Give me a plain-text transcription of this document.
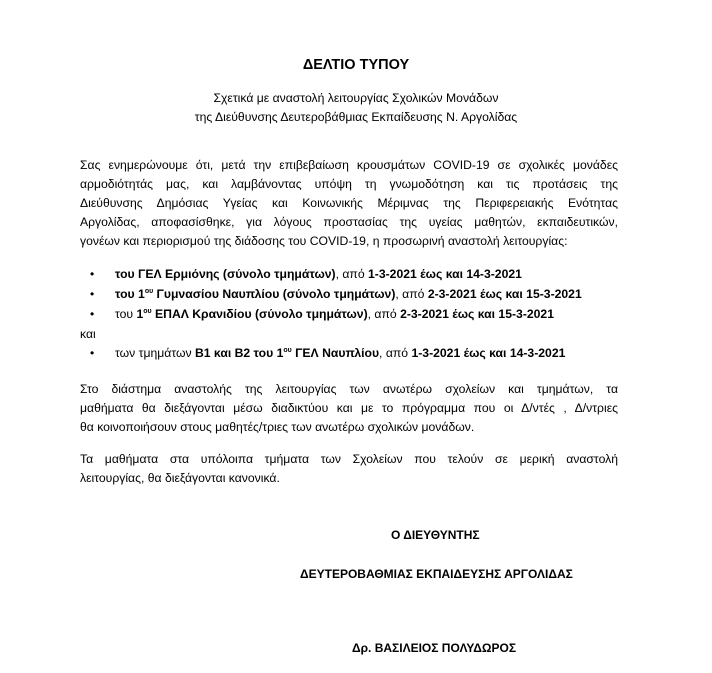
ΔΕΛΤΙΟ ΤΥΠΟΥ
Σχετικά με αναστολή λειτουργίας Σχολικών Μονάδων
της Διεύθυνσης Δευτεροβάθμιας Εκπαίδευσης Ν. Αργολίδας
Σας ενημερώνουμε ότι, μετά την επιβεβαίωση κρουσμάτων COVID-19 σε σχολικές μονάδες
αρμοδιότητάς μας, και λαμβάνοντας υπόψη τη γνωμοδότηση και τις προτάσεις της
Διεύθυνσης Δημόσιας Υγείας και Κοινωνικής Μέριμνας της Περιφερειακής Ενότητας
Αργολίδας, αποφασίσθηκε, για λόγους προστασίας της υγείας μαθητών, εκπαιδευτικών,
γονέων και περιορισμού της διάδοσης του COVID-19, η προσωρινή αναστολή λειτουργίας:
• του ΓΕΛ Ερμιόνης (σύνολο τμημάτων), από 1-3-2021 έως και 14-3-2021
• του $1^{o\upsilon}$ Γυμνασίου Ναυπλίου (σύνολο τμημάτων), από 2-3-2021 έως και 15-3-2021
• του $1^{o\upsilon}$ ΕΠΑΛ Κρανιδίου (σύνολο τμημάτων), από 2-3-2021 έως και 15-3-2021
και
• των τμημάτων Β1 και Β2 του $1^{o\upsilon}$ ΓΕΛ Ναυπλίου, από 1-3-2021 έως και 14-3-2021
Στο διάστημα αναστολής της λειτουργίας των ανωτέρω σχολείων και τμημάτων, τα
μαθήματα θα διεξάγονται μέσω διαδικτύου και με το πρόγραμμα που οι Δ/ντές , Δ/ντριες
θα κοινοποιήσουν στους μαθητές/τριες των ανωτέρω σχολικών μονάδων.
Τα μαθήματα στα υπόλοιπα τμήματα των Σχολείων που τελούν σε μερική αναστολή
λειτουργίας, θα διεξάγονται κανονικά.
Ο ΔΙΕΥΘΥΝΤΗΣ
ΔΕΥΤΕΡΟΒΑΘΜΙΑΣ ΕΚΠΑΙΔΕΥΣΗΣ ΑΡΓΟΛΙΔΑΣ
Δρ. ΒΑΣΙΛΕΙΟΣ ΠΟΛΥΔΩΡΟΣ
